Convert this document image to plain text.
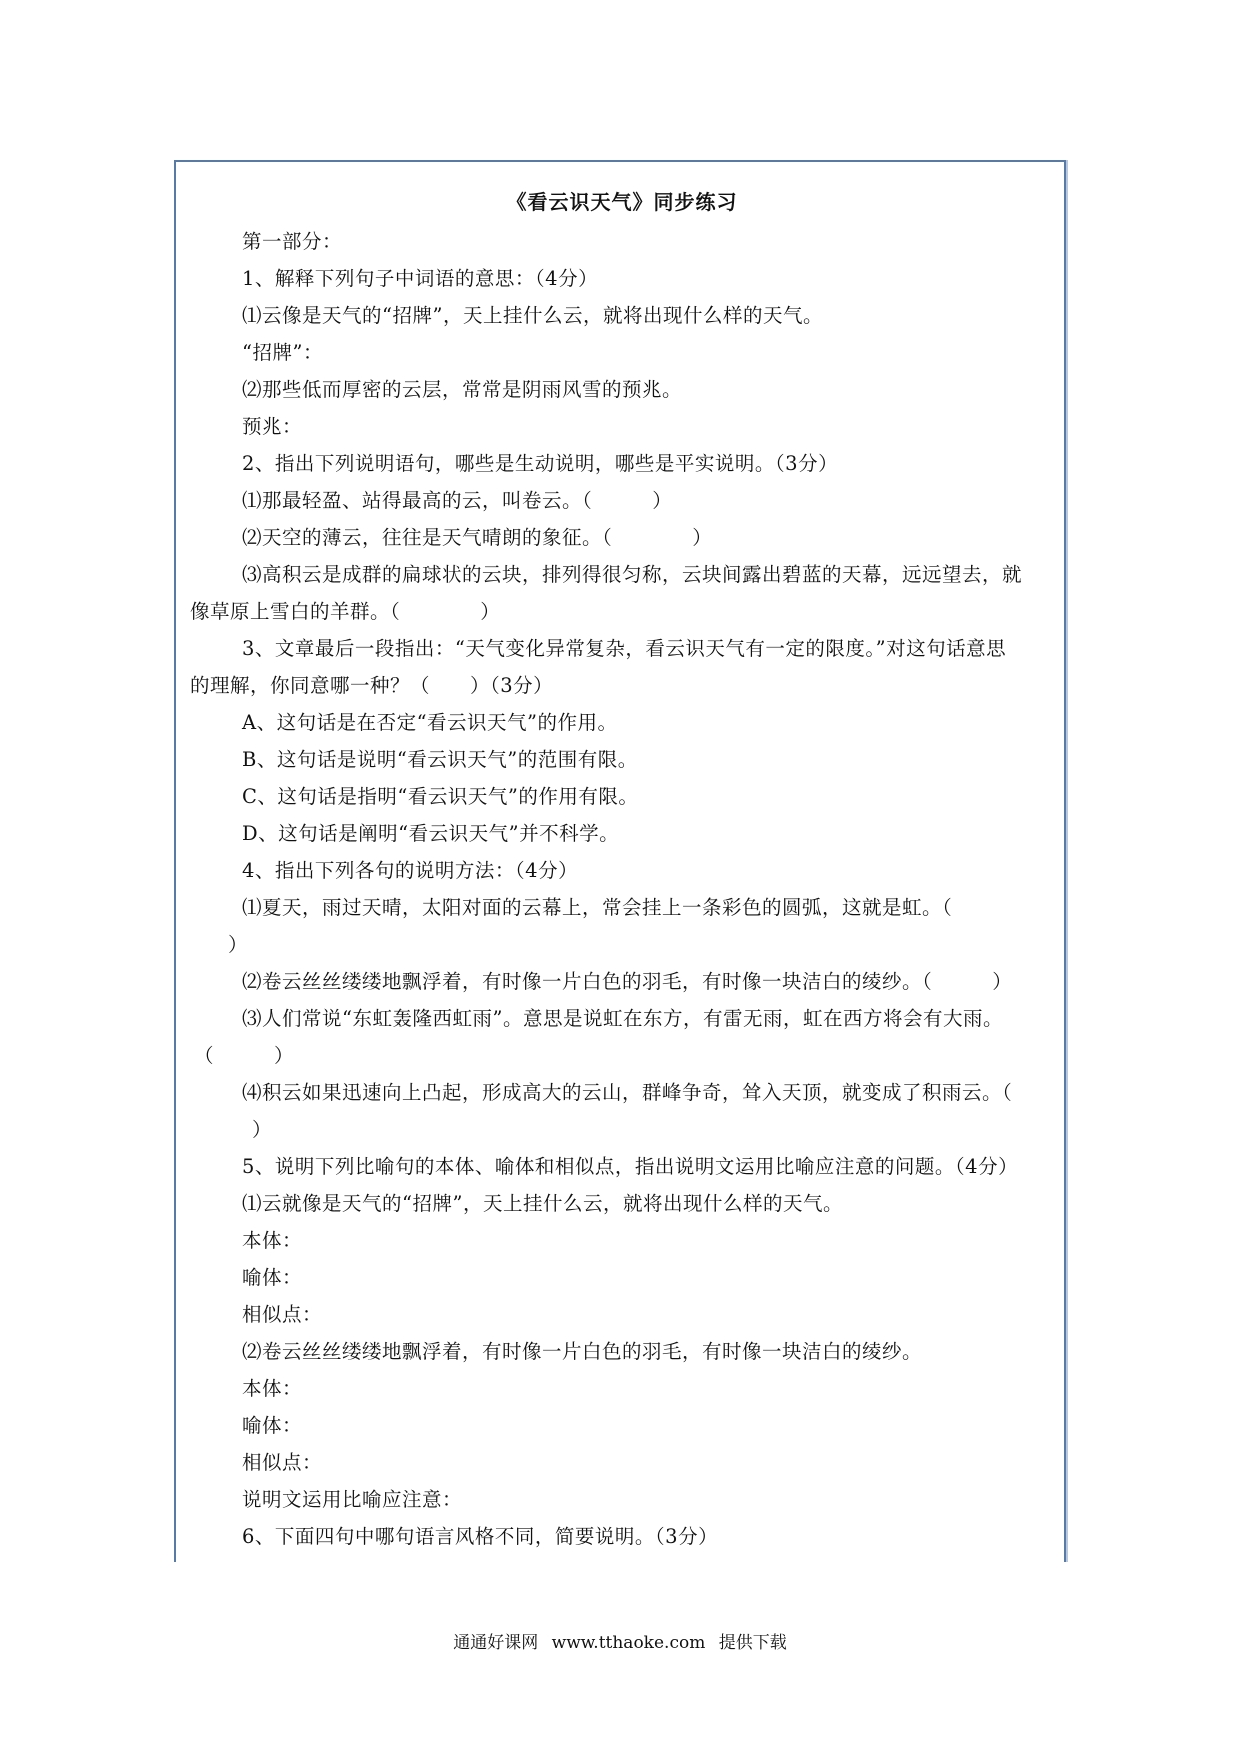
《看云识天气》同步练习
第一部分：
1、解释下列句子中词语的意思：（4分）
⑴云像是天气的“招牌”，天上挂什么云，就将出现什么样的天气。
“招牌”：
⑵那些低而厚密的云层，常常是阴雨风雪的预兆。
预兆：
2、指出下列说明语句，哪些是生动说明，哪些是平实说明。（3分）
⑴那最轻盈、站得最高的云，叫卷云。（　　　）
⑵天空的薄云，往往是天气晴朗的象征。（　　　　）
⑶高积云是成群的扁球状的云块，排列得很匀称，云块间露出碧蓝的天幕，远远望去，就
像草原上雪白的羊群。（　　　　）
3、文章最后一段指出：“天气变化异常复杂，看云识天气有一定的限度。”对这句话意思
的理解，你同意哪一种？（　　）（3分）
A、这句话是在否定“看云识天气”的作用。
B、这句话是说明“看云识天气”的范围有限。
C、这句话是指明“看云识天气”的作用有限。
D、这句话是阐明“看云识天气”并不科学。
4、指出下列各句的说明方法：（4分）
⑴夏天，雨过天晴，太阳对面的云幕上，常会挂上一条彩色的圆弧，这就是虹。（
）
⑵卷云丝丝缕缕地飘浮着，有时像一片白色的羽毛，有时像一块洁白的绫纱。（　　　）
⑶人们常说“东虹轰隆西虹雨”。意思是说虹在东方，有雷无雨，虹在西方将会有大雨。
（　　　）
⑷积云如果迅速向上凸起，形成高大的云山，群峰争奇，耸入天顶，就变成了积雨云。（
）
5、说明下列比喻句的本体、喻体和相似点，指出说明文运用比喻应注意的问题。（4分）
⑴云就像是天气的“招牌”，天上挂什么云，就将出现什么样的天气。
本体：
喻体：
相似点：
⑵卷云丝丝缕缕地飘浮着，有时像一片白色的羽毛，有时像一块洁白的绫纱。
本体：
喻体：
相似点：
说明文运用比喻应注意：
6、下面四句中哪句语言风格不同，简要说明。（3分）
通通好课网 www.tthaoke.com 提供下载
